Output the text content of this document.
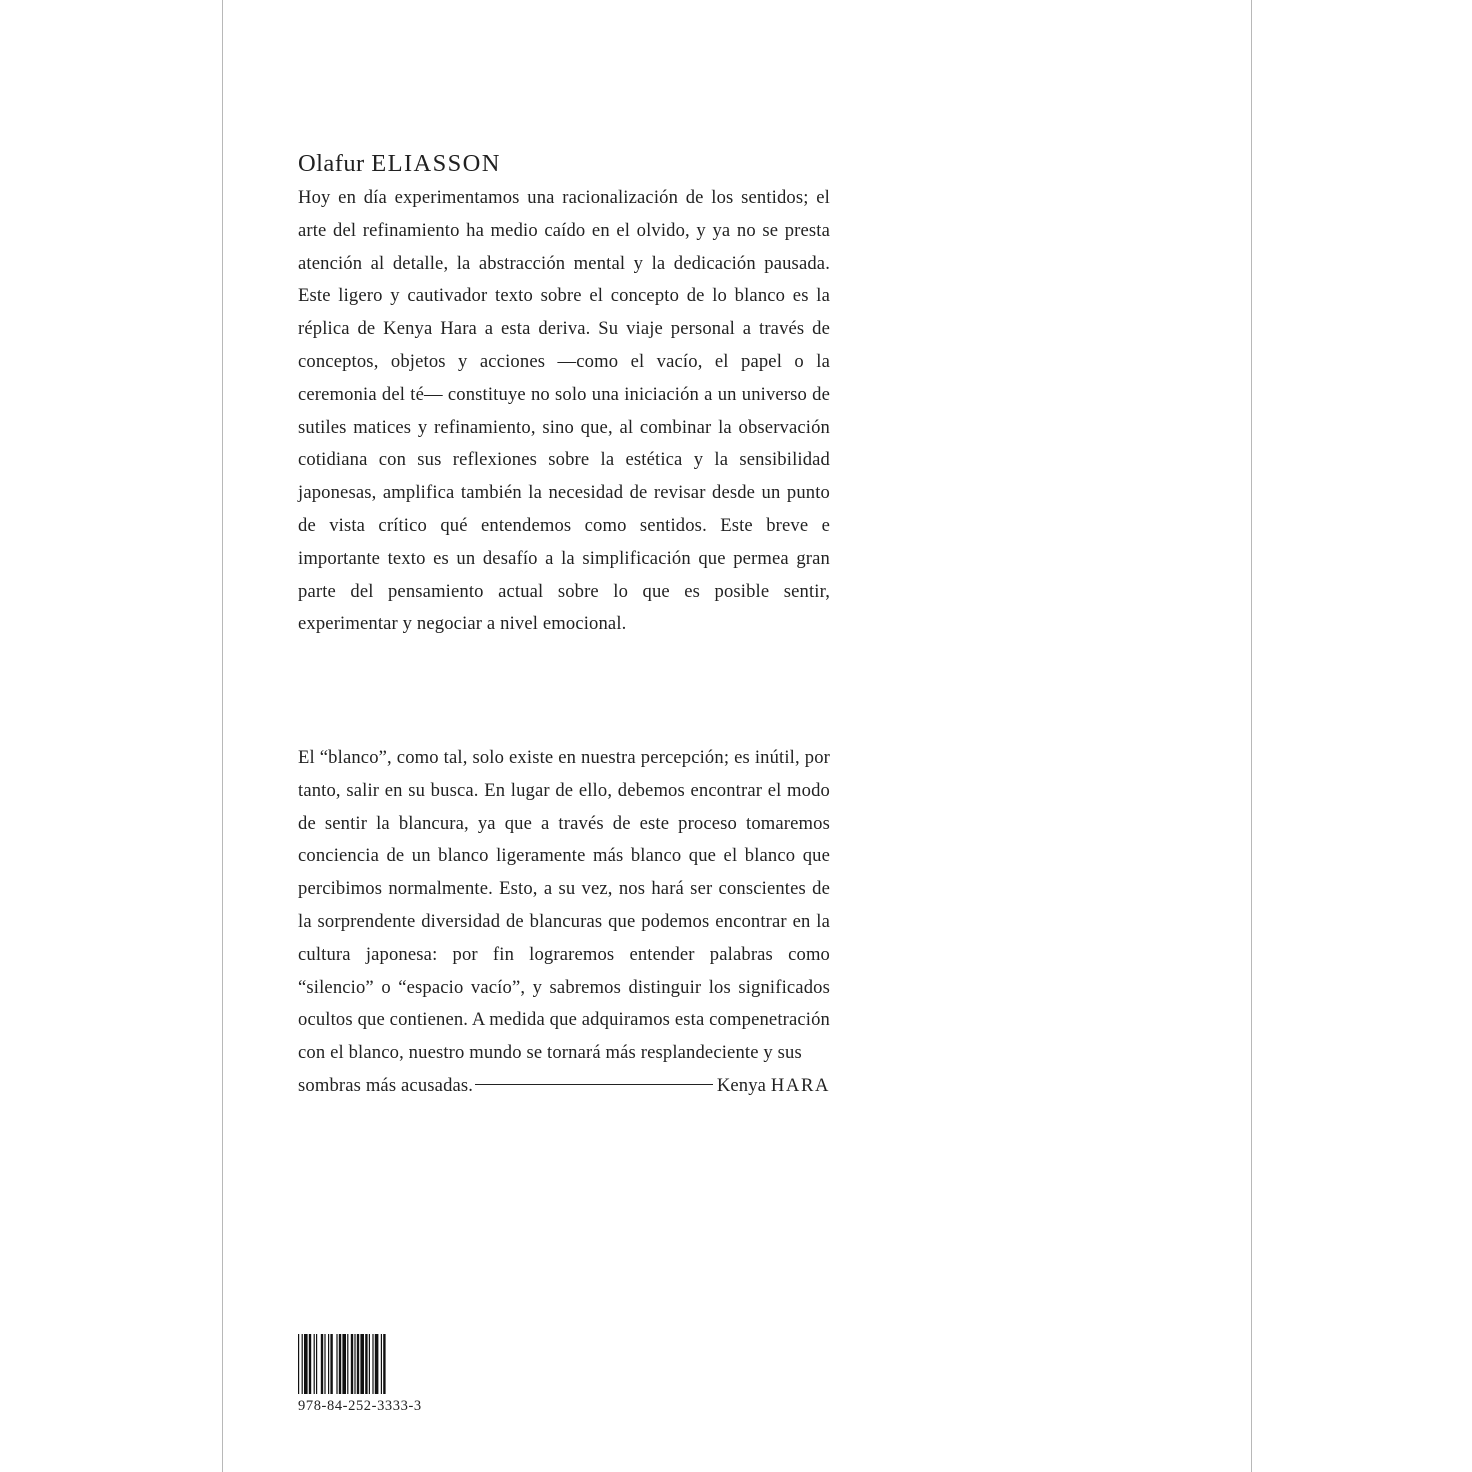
Olafur ELIASSON

Hoy en día experimentamos una racionalización de los sentidos; el arte del refinamiento ha medio caído en el olvido, y ya no se presta atención al detalle, la abstracción mental y la dedicación pausada. Este ligero y cautivador texto sobre el concepto de lo blanco es la réplica de Kenya Hara a esta deriva. Su viaje personal a través de conceptos, objetos y acciones —como el vacío, el papel o la ceremonia del té— constituye no solo una iniciación a un universo de sutiles matices y refinamiento, sino que, al combinar la observación cotidiana con sus reflexiones sobre la estética y la sensibilidad japonesas, amplifica también la necesidad de revisar desde un punto de vista crítico qué entendemos como sentidos. Este breve e importante texto es un desafío a la simplificación que permea gran parte del pensamiento actual sobre lo que es posible sentir, experimentar y negociar a nivel emocional.

El “blanco”, como tal, solo existe en nuestra percepción; es inútil, por tanto, salir en su busca. En lugar de ello, debemos encontrar el modo de sentir la blancura, ya que a través de este proceso tomaremos conciencia de un blanco ligeramente más blanco que el blanco que percibimos normalmente. Esto, a su vez, nos hará ser conscientes de la sorprendente diversidad de blancuras que podemos encontrar en la cultura japonesa: por fin lograremos entender palabras como “silencio” o “espacio vacío”, y sabremos distinguir los significados ocultos que contienen. A medida que adquiramos esta compenetración con el blanco, nuestro mundo se tornará más resplandeciente y sus

sombras más acusadas.	Kenya HARA
978-84-252-3333-3
